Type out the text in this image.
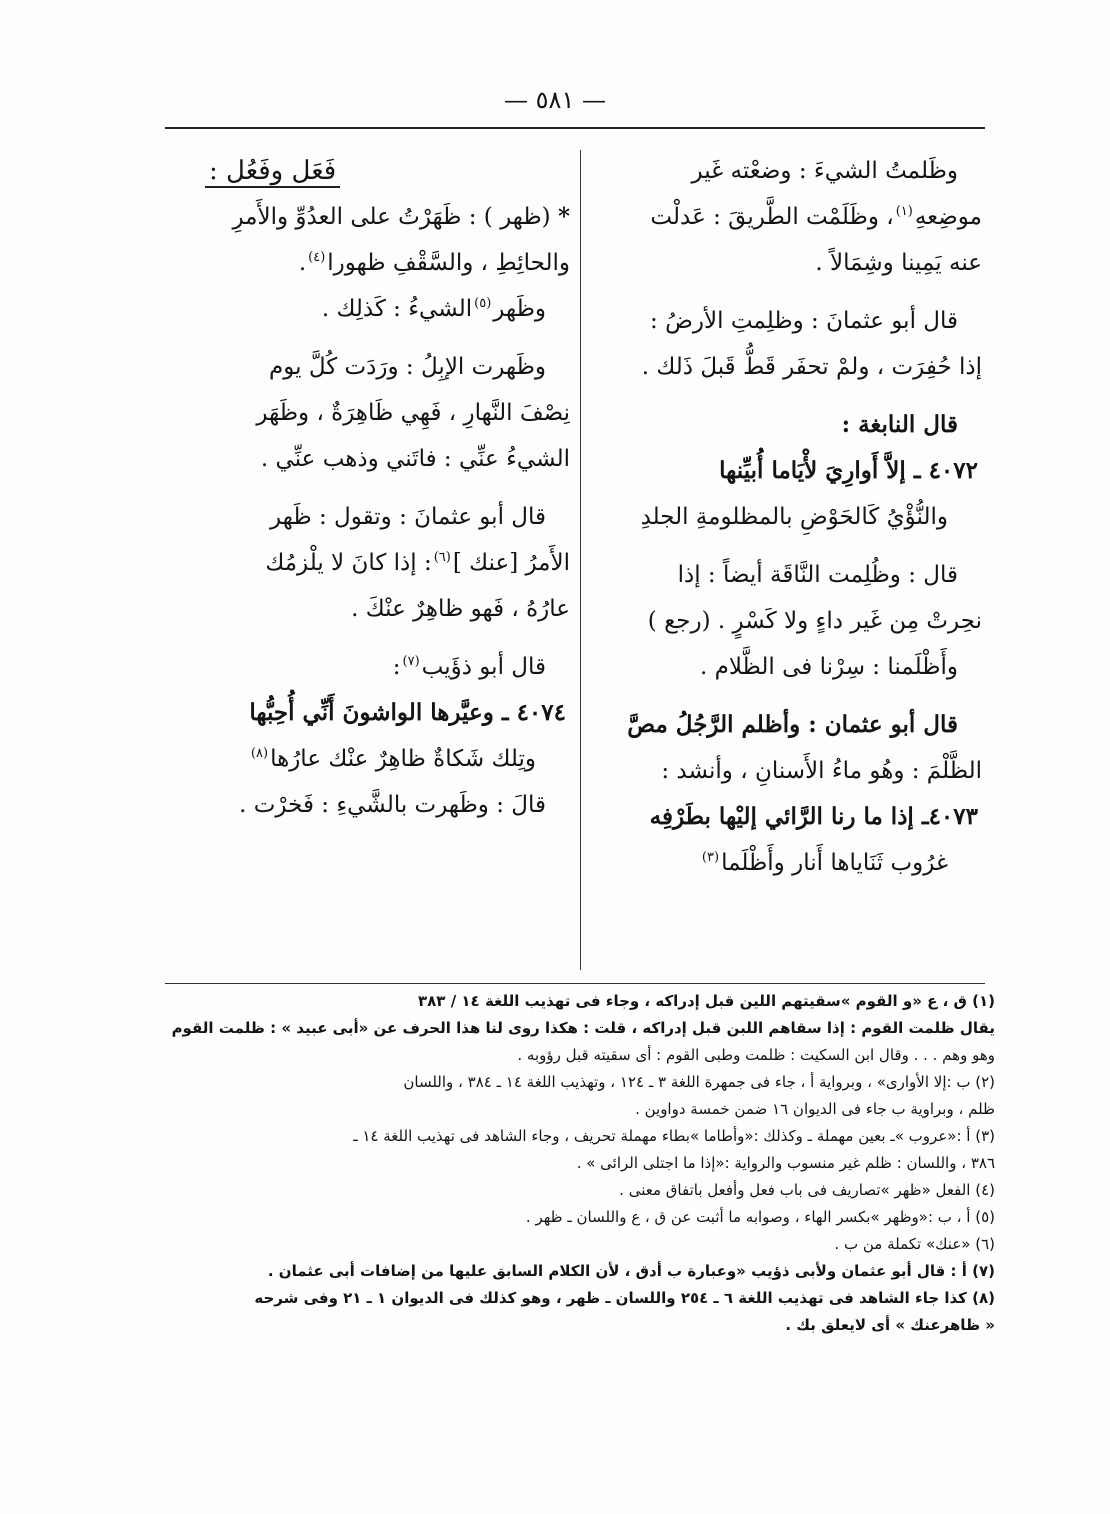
— ٥٨١ —
وظَلمتُ الشيءَ : وضعْته غَير
موضِعهِ$^{(١)}$، وظَلَمْت الطَّريقَ : عَدلْت
عنه يَمِينا وشِمَالاً .
قال أبو عثمانَ : وظلِمتِ الأرضُ :
إذا حُفِرَت ، ولمْ تحفَر قَطُّ قَبلَ ذَلك .
قال النابغة :
٤٠٧٢ ـ إلاَّ أَوارِيَ لأْيَاما أُبيِّنها
والنُّؤْيُ كَالحَوْضِ بالمظلومةِ الجلدِ
قال : وظُلِمت النَّاقَة أيضاً : إذا
نحِرتْ مِن غَير داءٍ ولا كَسْرٍ . (رجع )
وأَظْلَمنا : سِرْنا فى الظَّلام .
قال أبو عثمان : وأظلم الرَّجُلُ مصَّ
الظَّلْمَ : وهُو ماءُ الأَسنانِ ، وأنشد :
٤٠٧٣ـ إذا ما رنا الرَّائي إليْها بطَرْفِه
غرُوب ثَنَاياها أَنار وأَظْلَما$^{(٣)}$
فَعَل وفَعُل :
* (ظهر ) : ظَهَرْتُ على العدُوِّ والأَمرِ
والحائِطِ ، والسَّقْفِ ظهورا$^{(٤)}$.
وظَهر$^{(٥)}$الشيءُ : كَذلِك .
وظَهرت الإبِلُ : ورَدَت كُلَّ يوم
نِصْفَ النَّهارِ ، فَهِي ظَاهِرَةٌ ، وظَهَر
الشيءُ عنِّي : فاتَني وذهب عنِّي .
قال أبو عثمانَ : وتقول : ظَهر
الأَمرُ [عنك ]$^{(٦)}$: إذا كانَ لا يلْزمُك
عارُهُ ، فَهو ظاهِرٌ عنْكَ .
قال أبو ذؤَيب$^{(٧)}$:
٤٠٧٤ ـ وعيَّرها الواشونَ أَنِّي أُحِبُّها
وتِلك شَكاةٌ ظاهِرٌ عنْك عارُها$^{(٨)}$
قالَ : وظَهرت بالشَّيءِ : فَخرْت .
(١) ق ، ع «و القوم »سقيتهم اللين قبل إدراكه ، وجاء فى تهذيب اللغة ١٤ / ٣٨٣
يقال ظلمت القوم : إذا سقاهم اللبن قبل إدراكه ، قلت : هكذا روى لنا هذا الحرف عن «أبى عبيد » : ظلمت القوم
وهو وهم . . . وقال ابن السكيت : ظلمت وطبى القوم : أى سقيته قبل رؤوبه .
(٢) ب :إلا الأوارى» ، وبرواية أ ، جاء فى جمهرة اللغة ٣ ـ ١٢٤ ، وتهذيب اللغة ١٤ ـ ٣٨٤ ، واللسان
ظلم ، وبراوية ب جاء فى الديوان ١٦ ضمن خمسة دواوين .
(٣) أ :«عروب »ـ بعين مهملة ـ وكذلك :«وأطاما »بطاء مهملة تحريف ، وجاء الشاهد فى تهذيب اللغة ١٤ ـ
٣٨٦ ، واللسان : ظلم غير منسوب والرواية :«إذا ما اجتلى الرائى » .
(٤) الفعل «ظهر »تصاريف فى باب فعل وأفعل باتفاق معنى .
(٥) أ ، ب :«وظهر »بكسر الهاء ، وصوابه ما أثبت عن ق ، ع واللسان ـ ظهر .
(٦) «عنك» تكملة من ب .
(٧) أ : قال أبو عثمان ولأبى ذؤيب «وعبارة ب أدق ، لأن الكلام السابق عليها من إضافات أبى عثمان .
(٨) كذا جاء الشاهد فى تهذيب اللغة ٦ ـ ٢٥٤ واللسان ـ ظهر ، وهو كذلك فى الديوان ١ ـ ٢١ وفى شرحه
« ظاهرعنك » أى لايعلق بك .
